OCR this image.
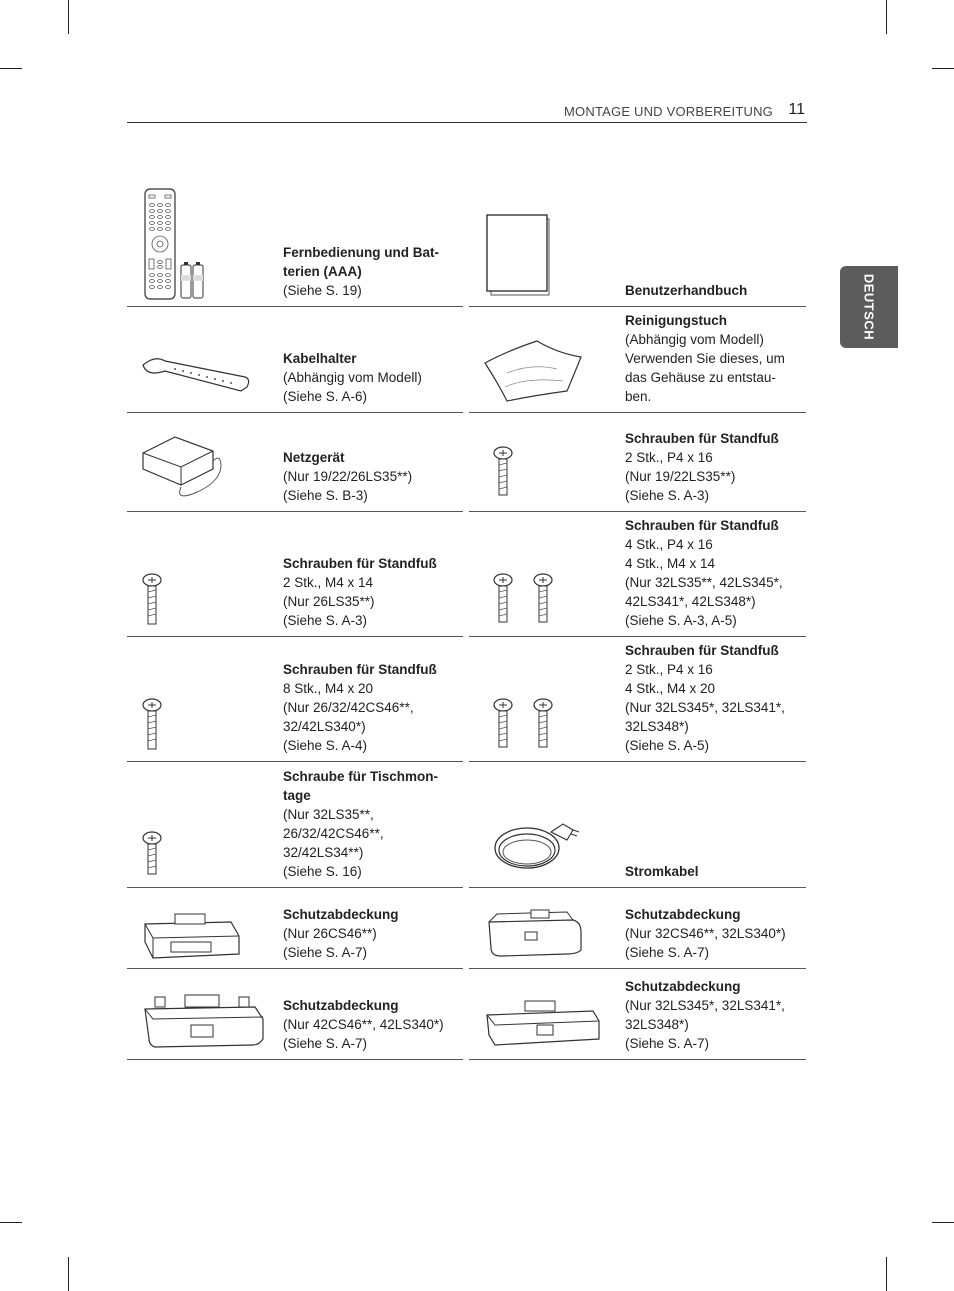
MONTAGE UND VORBEREITUNG 11
DEUTSCH
Fernbedienung und Bat-
terien (AAA)
(Siehe S. 19)	Benutzerhandbuch
Kabelhalter
(Abhängig vom Modell)
(Siehe S. A-6)
Reinigungstuch
(Abhängig vom Modell)
Verwenden Sie dieses, um
das Gehäuse zu entstau-
ben.
Netzgerät
(Nur 19/22/26LS35**)
(Siehe S. B-3)
Schrauben für Standfuß
2 Stk., P4 x 16
(Nur 19/22LS35**)
(Siehe S. A-3)
Schrauben für Standfuß
2 Stk., M4 x 14
(Nur 26LS35**)
(Siehe S. A-3)
Schrauben für Standfuß
4 Stk., P4 x 16
4 Stk., M4 x 14
(Nur 32LS35**, 42LS345*,
42LS341*, 42LS348*)
(Siehe S. A-3, A-5)
Schrauben für Standfuß
8 Stk., M4 x 20
(Nur 26/32/42CS46**,
32/42LS340*)
(Siehe S. A-4)
Schrauben für Standfuß
2 Stk., P4 x 16
4 Stk., M4 x 20
(Nur 32LS345*, 32LS341*,
32LS348*)
(Siehe S. A-5)
Schraube für Tischmon-
tage
(Nur 32LS35**,
26/32/42CS46**,
32/42LS34**)
(Siehe S. 16)	Stromkabel
Schutzabdeckung
(Nur 26CS46**)
(Siehe S. A-7)
Schutzabdeckung
(Nur 32CS46**, 32LS340*)
(Siehe S. A-7)
Schutzabdeckung
(Nur 42CS46**, 42LS340*)
(Siehe S. A-7)
Schutzabdeckung
(Nur 32LS345*, 32LS341*,
32LS348*)
(Siehe S. A-7)
